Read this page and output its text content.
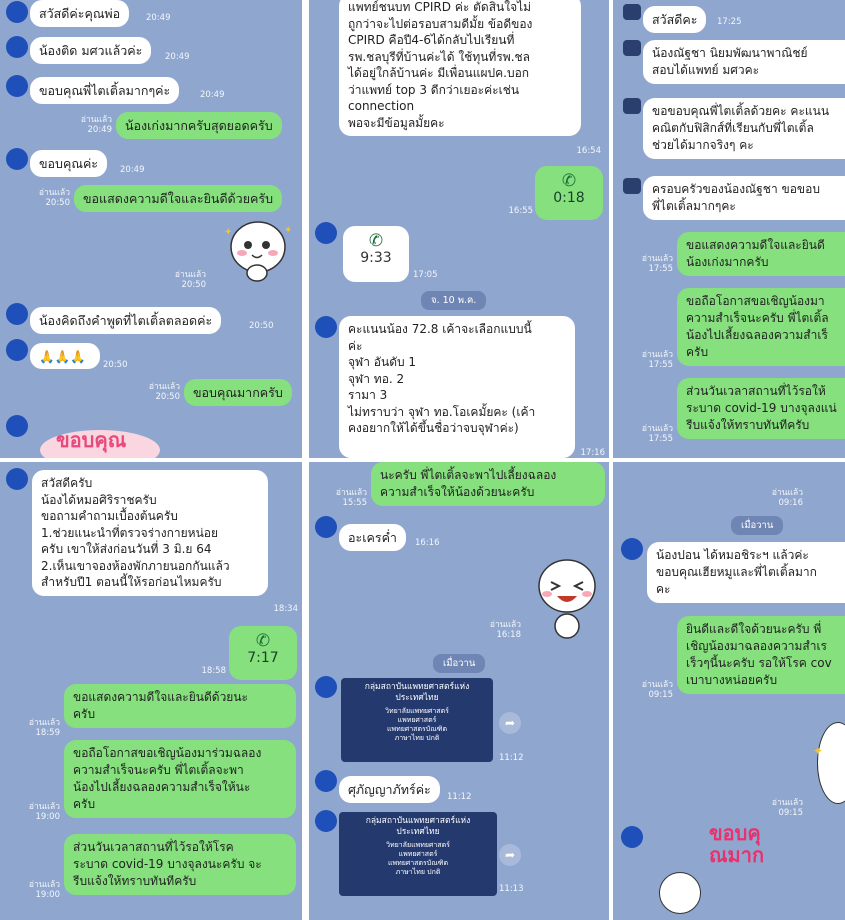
สวัสดีค่ะคุณพ่อ	20:49
น้องติด มศวแล้วค่ะ	20:49
ขอบคุณพี่ไตเติ้ลมากๆค่ะ	20:49
อ่านแล้ว
20:49	น้องเก่งมากครับสุดยอดครับ
ขอบคุณค่ะ	20:49
อ่านแล้ว
20:50	ขอแสดงความดีใจและยินดีด้วยครับ
✦	✦
อ่านแล้ว
20:50
น้องคิดถึงคำพูดที่ไตเติ้ลตลอดค่ะ	20:50
🙏🙏🙏
20:50
อ่านแล้ว
20:50	ขอบคุณมากครับ
ขอบคุณ
แพทย์ชนบท CPIRD ค่ะ ตัดสินใจไม่
ถูกว่าจะไปต่อรอบสามดีมั้ย ข้อดีของ
CPIRD คือปี4-6ได้กลับไปเรียนที่
รพ.ชลบุรีที่บ้านค่ะได้ ใช้ทุนที่รพ.ชล
ได้อยู่ใกล้บ้านค่ะ มีเพื่อนแผปค.บอก
ว่าแพทย์ top 3 ดีกว่าเยอะค่ะเช่น
connection
พอจะมีข้อมูลมั้ยคะ
16:54
✆
0:18
16:55
✆
9:33
17:05
จ. 10 พ.ค.
คะแนนน้อง 72.8 เค้าจะเลือกแบบนี้
ค่ะ
จุฬา อันดับ 1
จุฬา ทอ. 2
รามา 3
ไม่ทราบว่า จุฬา ทอ.โอเคมั้ยคะ (เค้า
คงอยากให้ได้ขึ้นชื่อว่าจบจุฬาค่ะ)
17:16
สวัสดีคะ	17:25
น้องณัฐชา นิยมพัฒนาพาณิชย์
สอบได้แพทย์ มศวคะ
ขอขอบคุณพี่ไตเติ้ลด้วยคะ คะแนน
คณิตกับฟิสิกส์ที่เรียนกับพี่ไตเติ้ล
ช่วยได้มากจริงๆ คะ
ครอบครัวของน้องณัฐชา ขอขอบ
พี่ไตเติ้ลมากๆคะ
อ่านแล้ว
17:55
ขอแสดงความดีใจและยินดี
น้องเก่งมากครับ
อ่านแล้ว
17:55
ขอถือโอกาสขอเชิญน้องมา
ความสำเร็จนะครับ พี่ไตเติ้ล
น้องไปเลี้ยงฉลองความสำเร็
ครับ
อ่านแล้ว
17:55
ส่วนวันเวลาสถานที่ไว้รอให้
ระบาด covid-19 บางจุลงแน่
รีบแจ้งให้ทราบทันทีครับ
สวัสดีครับ
น้องได้หมอศิริราชครับ
ขอถามคำถามเบื้องต้นครับ
1.ช่วยแนะนำที่ตรวจร่างกายหน่อย
ครับ เขาให้ส่งก่อนวันที่ 3 มิ.ย 64
2.เห็นเขาจองห้องพักภายนอกกันแล้ว
สำหรับปี1 ตอนนี้ให้รอก่อนไหมครับ
18:34
✆
7:17
18:58
อ่านแล้ว
18:59
ขอแสดงความดีใจและยินดีด้วยนะ
ครับ
อ่านแล้ว
19:00
ขอถือโอกาสขอเชิญน้องมาร่วมฉลอง
ความสำเร็จนะครับ พี่ไตเติ้ลจะพา
น้องไปเลี้ยงฉลองความสำเร็จให้นะ
ครับ
อ่านแล้ว
19:00
ส่วนวันเวลาสถานที่ไว้รอให้โรค
ระบาด covid-19 บางจุลงนะครับ จะ
รีบแจ้งให้ทราบทันทีครับ
อ่านแล้ว
15:55
นะครับ พี่ไตเติ้ลจะพาไปเลี้ยงฉลอง
ความสำเร็จให้น้องด้วยนะครับ
อะเครค่ำ	16:16
อ่านแล้ว
16:18
เมื่อวาน
กลุ่มสถาบันแพทยศาสตร์แห่ง
ประเทศไทย
วิทยาลัยแพทยศาสตร์
แพทยศาสตร์
แพทยศาสตรบัณฑิต
ภาษาไทย ปกติ
➦
11:12
ศุภัญญาภัทร์ค่ะ	11:12
กลุ่มสถาบันแพทยศาสตร์แห่ง
ประเทศไทย
วิทยาลัยแพทยศาสตร์
แพทยศาสตร์
แพทยศาสตรบัณฑิต
ภาษาไทย ปกติ
➦
11:13
อ่านแล้ว
09:16
เมื่อวาน
น้องปอน ได้หมอชิระฯ แล้วค่ะ
ขอบคุณเฮียหมูและพี่ไตเติ้ลมาก
คะ
อ่านแล้ว
09:15
ยินดีและดีใจด้วยนะครับ พี่
เชิญน้องมาฉลองความสำเร
เร็วๆนี้นะครับ รอให้โรค cov
เบาบางหน่อยครับ
✦
อ่านแล้ว
09:15
ขอบคุณมาก
